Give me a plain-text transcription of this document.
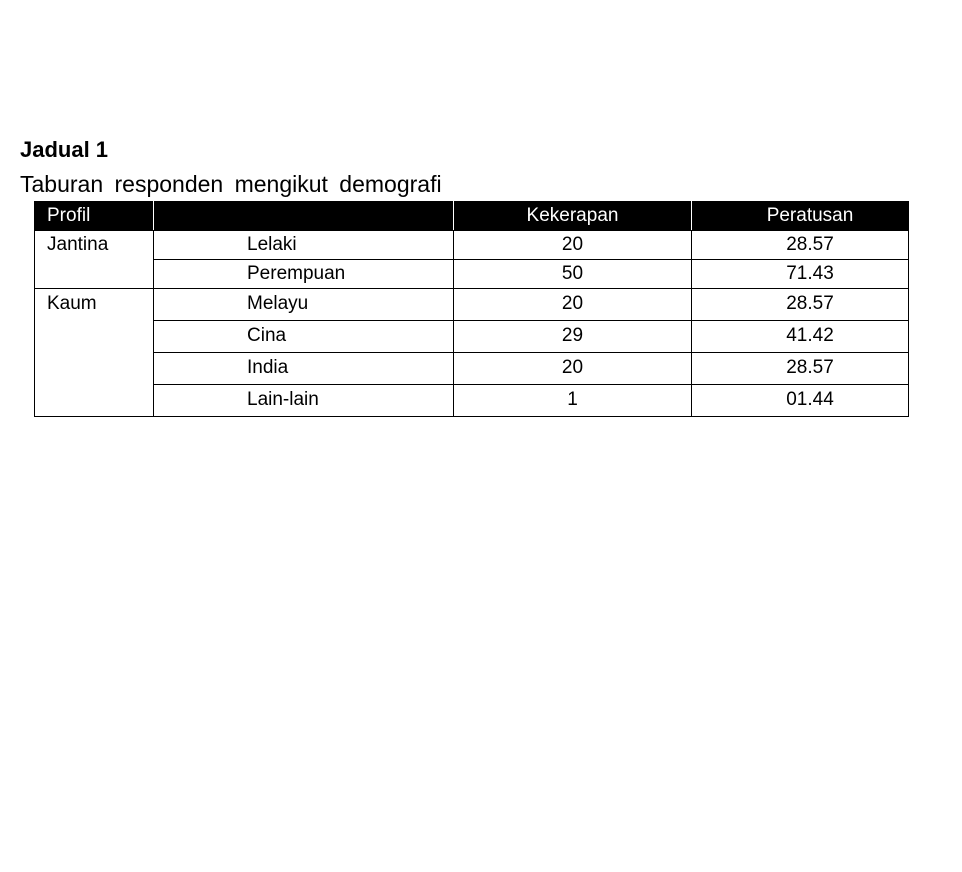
Jadual 1
Taburan responden mengikut demografi
Profil		Kekerapan	Peratusan
Jantina	Lelaki	20	28.57
	Perempuan	50	71.43
Kaum	Melayu	20	28.57
	Cina	29	41.42
	India	20	28.57
	Lain-lain	1	01.44
